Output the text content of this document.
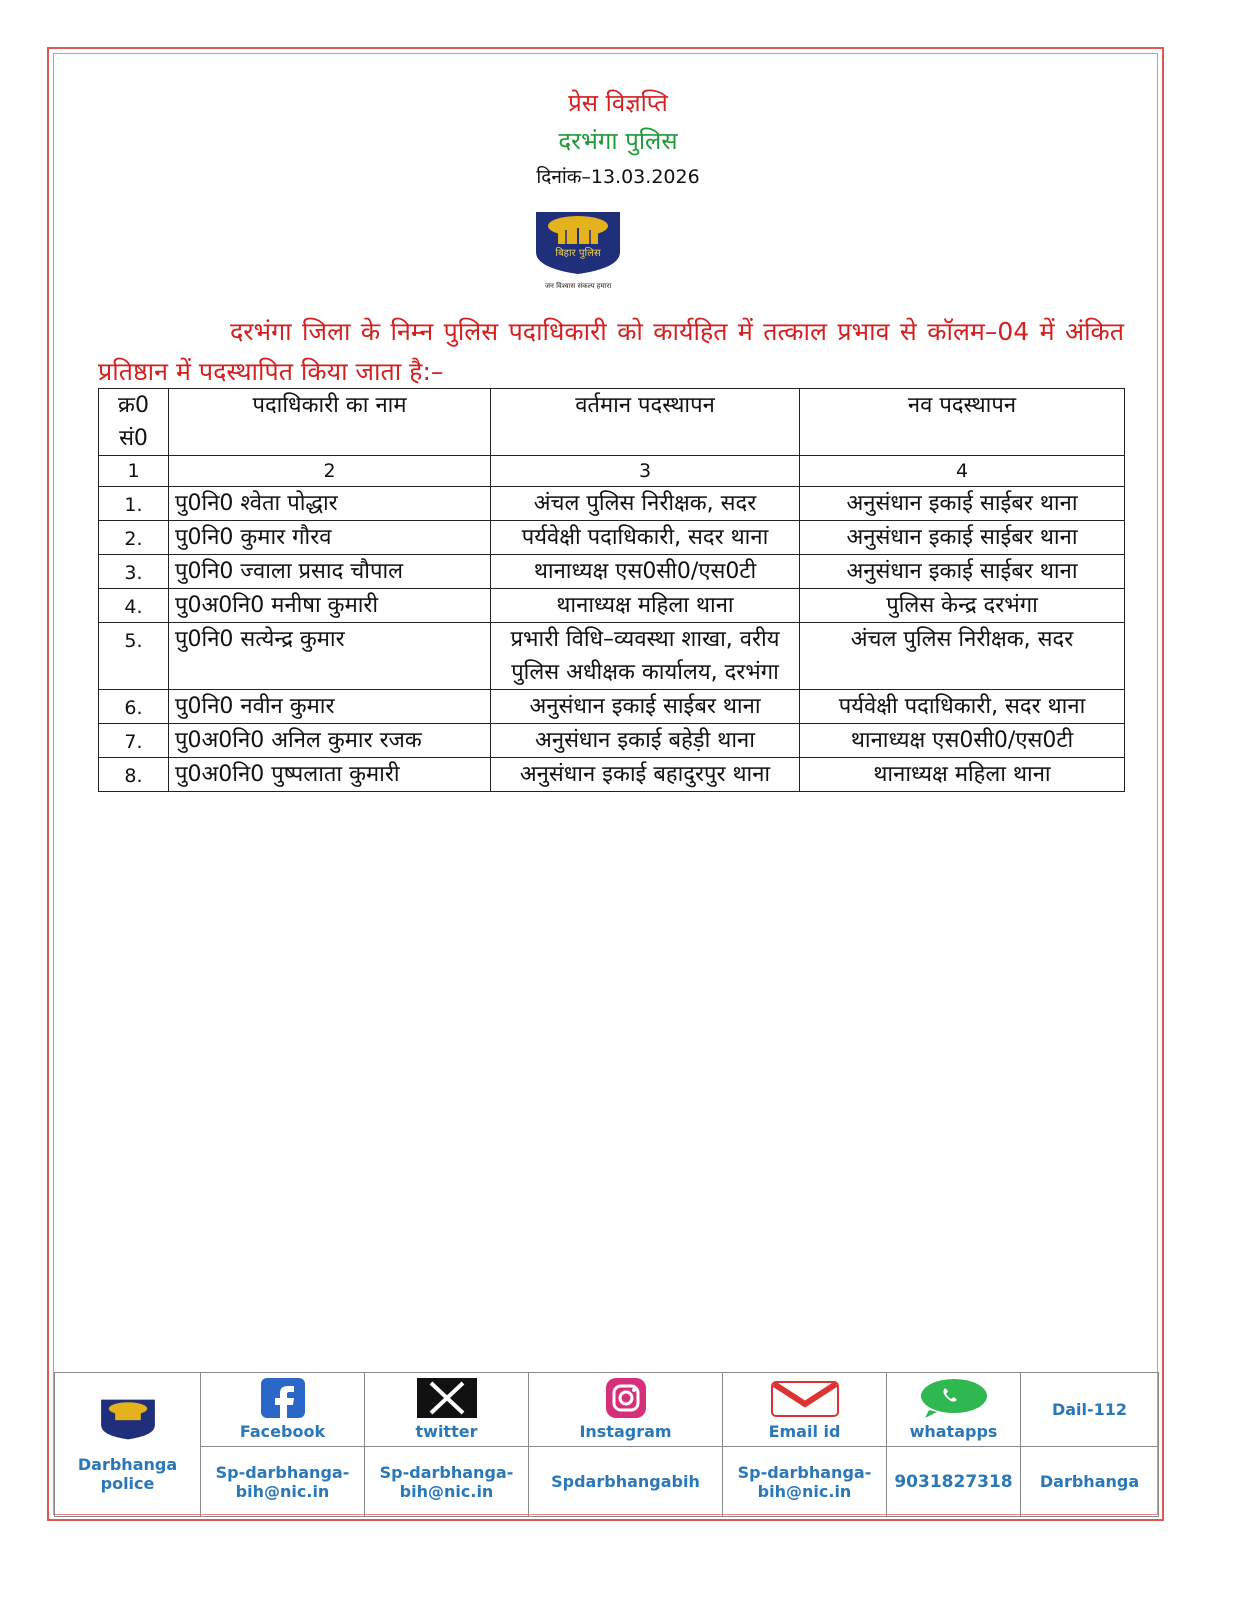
प्रेस विज्ञप्ति
दरभंगा पुलिस
दिनांक–13.03.2026
बिहार पुलिस
जन विश्वास संकल्प हमारा
दरभंगा जिला के निम्न पुलिस पदाधिकारी को कार्यहित में तत्काल प्रभाव से कॉलम–04 में अंकित प्रतिष्ठान में पदस्थापित किया जाता है:–
क्र0 सं0	पदाधिकारी का नाम	वर्तमान पदस्थापन	नव पदस्थापन
1	2	3	4
1.	पु0नि0 श्वेता पोद्धार	अंचल पुलिस निरीक्षक, सदर	अनुसंधान इकाई साईबर थाना
2.	पु0नि0 कुमार गौरव	पर्यवेक्षी पदाधिकारी, सदर थाना	अनुसंधान इकाई साईबर थाना
3.	पु0नि0 ज्वाला प्रसाद चौपाल	थानाध्यक्ष एस0सी0/एस0टी	अनुसंधान इकाई साईबर थाना
4.	पु0अ0नि0 मनीषा कुमारी	थानाध्यक्ष महिला थाना	पुलिस केन्द्र दरभंगा
5.	पु0नि0 सत्येन्द्र कुमार	प्रभारी विधि–व्यवस्था शाखा, वरीय पुलिस अधीक्षक कार्यालय, दरभंगा	अंचल पुलिस निरीक्षक, सदर
6.	पु0नि0 नवीन कुमार	अनुसंधान इकाई साईबर थाना	पर्यवेक्षी पदाधिकारी, सदर थाना
7.	पु0अ0नि0 अनिल कुमार रजक	अनुसंधान इकाई बहेड़ी थाना	थानाध्यक्ष एस0सी0/एस0टी
8.	पु0अ0नि0 पुष्पलाता कुमारी	अनुसंधान इकाई बहादुरपुर थाना	थानाध्यक्ष महिला थाना
Darbhanga police	Facebook	twitter	Instagram	Email id	whatapps	Dail-112

	Sp-darbhanga-bih@nic.in	Sp-darbhanga-bih@nic.in	Spdarbhangabih	Sp-darbhanga-bih@nic.in	9031827318	Darbhanga
